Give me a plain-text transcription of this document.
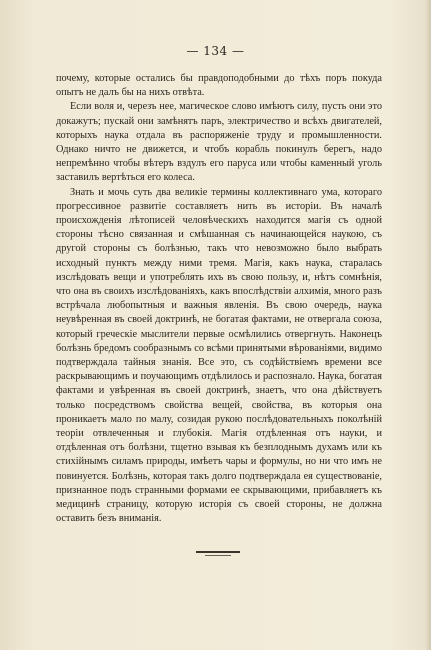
— 134 —

почему, которые остались бы правдоподобными до тѣхъ поръ покуда опытъ не далъ бы на нихъ отвѣта.

Если воля и, черезъ нее, магическое слово имѣютъ силу, пусть они это докажутъ; пускай они замѣнятъ паръ, электричество и всѣхъ двигателей, которыхъ наука отдала въ распоряженіе труду и промышленности. Однако ничто не движется, и чтобъ корабль покинулъ берегъ, надо непремѣнно чтобы вѣтеръ вздулъ его паруса или чтобы каменный уголь заставилъ вертѣться его колеса.

Знать и мочь суть два великіе термины коллективнаго ума, котораго прогрессивное развитіе составляетъ нить въ исторіи. Въ началѣ происхожденія лѣтописей человѣческихъ находится магія съ одной стороны тѣсно связанная и смѣшанная съ начинающейся наукою, съ другой стороны съ болѣзнью, такъ что невозможно было выбрать исходный пунктъ между ними тремя. Магія, какъ наука, старалась изслѣдовать вещи и употреблять ихъ въ свою пользу, и, нѣтъ сомнѣнія, что она въ своихъ изслѣдованіяхъ, какъ впослѣдствіи алхимія, много разъ встрѣчала любопытныя и важныя явленія. Въ свою очередь, наука неувѣренная въ своей доктринѣ, не богатая фактами, не отвергала союза, который греческіе мыслители первые осмѣлились отвергнуть. Наконецъ болѣзнь бредомъ сообразнымъ со всѣми принятыми вѣрованіями, видимо подтверждала тайныя знанія. Все это, съ содѣйствіемъ времени все раскрывающимъ и поучающимъ отдѣлилось и распознало. Наука, богатая фактами и увѣренная въ своей доктринѣ, знаетъ, что она дѣйствуетъ только посредствомъ свойства вещей, свойства, въ которыя она проникаетъ мало по малу, созидая рукою послѣдовательныхъ поколѣній теоріи отвлеченныя и глубокія. Магія отдѣленная отъ науки, и отдѣленная отъ болѣзни, тщетно взывая къ безплоднымъ духамъ или къ стихійнымъ силамъ природы, имѣетъ чары и формулы, но ни что имъ не повинуется. Болѣзнь, которая такъ долго подтверждала ея существованіе, признанное подъ странными формами ее скрывающими, прибавляетъ къ медицинѣ страницу, которую исторія съ своей стороны, не должна оставить безъ вниманія.
